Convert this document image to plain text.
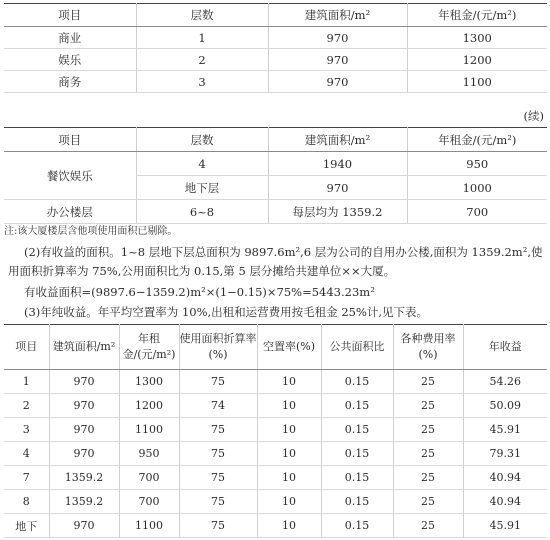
项目	层数	建筑面积/m²	年租金/(元/m²)
商业	1	970	1300
娱乐	2	970	1200
商务	3	970	1100
(续)
项目	层数	建筑面积/m²	年租金/(元/m²)
餐饮娱乐	4	1940	950
	地下层	970	1000
办公楼层	6~8	每层均为 1359.2	700
注:该大厦楼层含他项使用面积已剔除。
(2)有收益的面积。1~8 层地下层总面积为 9897.6m²,6 层为公司的自用办公楼,面积为 1359.2m²,使用面积折算率为 75%,公用面积比为 0.15,第 5 层分摊给共建单位××大厦。
有收益面积=(9897.6−1359.2)m²×(1−0.15)×75%=5443.23m²
(3)年纯收益。年平均空置率为 10%,出租和运营费用按毛租金 25%计,见下表。
项目	建筑面积/m²	年租金/(元/m²)	使用面积折算率(%)	空置率(%)	公共面积比	各种费用率(%)	年收益
1	970	1300	75	10	0.15	25	54.26
2	970	1200	74	10	0.15	25	50.09
3	970	1100	75	10	0.15	25	45.91
4	970	950	75	10	0.15	25	79.31
7	1359.2	700	75	10	0.15	25	40.94
8	1359.2	700	75	10	0.15	25	40.94
地下	970	1100	75	10	0.15	25	45.91
